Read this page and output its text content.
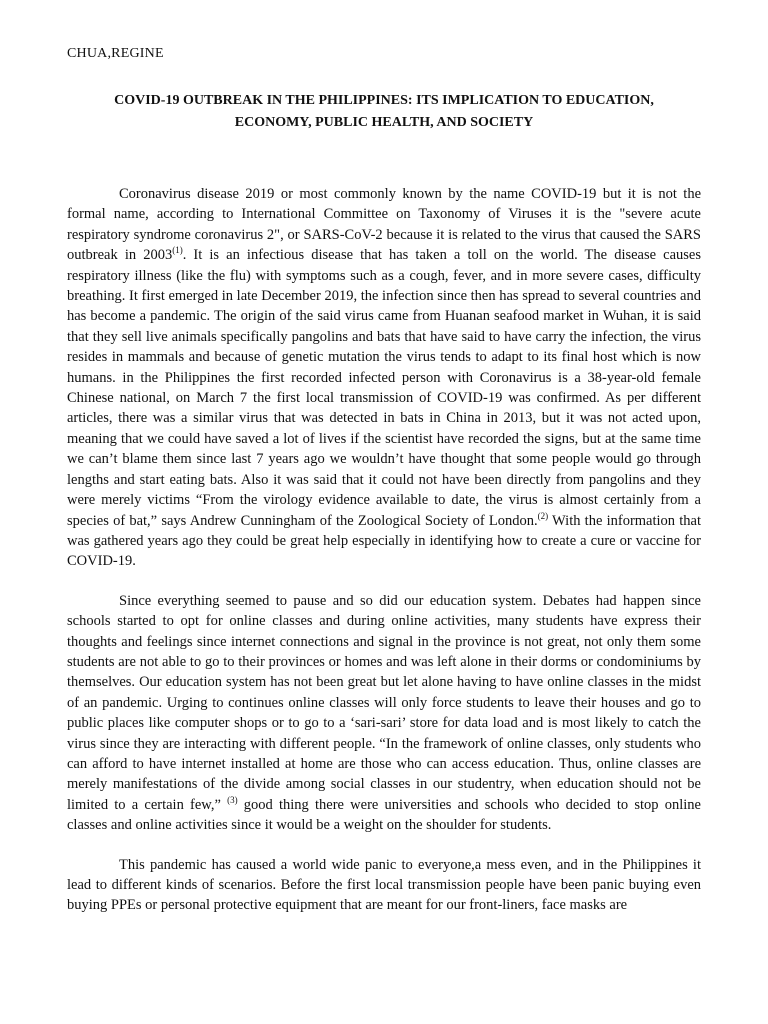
CHUA,REGINE
COVID-19 OUTBREAK IN THE PHILIPPINES: ITS IMPLICATION TO EDUCATION, ECONOMY, PUBLIC HEALTH, AND SOCIETY

Coronavirus disease 2019 or most commonly known by the name COVID-19 but it is not the formal name, according to International Committee on Taxonomy of Viruses it is the "severe acute respiratory syndrome coronavirus 2", or SARS-CoV-2 because it is related to the virus that caused the SARS outbreak in 2003$^{(1)}$. It is an infectious disease that has taken a toll on the world. The disease causes respiratory illness (like the flu) with symptoms such as a cough, fever, and in more severe cases, difficulty breathing. It first emerged in late December 2019, the infection since then has spread to several countries and has become a pandemic. The origin of the said virus came from Huanan seafood market in Wuhan, it is said that they sell live animals specifically pangolins and bats that have said to have carry the infection, the virus resides in mammals and because of genetic mutation the virus tends to adapt to its final host which is now humans. in the Philippines the first recorded infected person with Coronavirus is a 38-year-old female Chinese national, on March 7 the first local transmission of COVID-19 was confirmed. As per different articles, there was a similar virus that was detected in bats in China in 2013, but it was not acted upon, meaning that we could have saved a lot of lives if the scientist have recorded the signs, but at the same time we can’t blame them since last 7 years ago we wouldn’t have thought that some people would go through lengths and start eating bats. Also it was said that it could not have been directly from pangolins and they were merely victims “From the virology evidence available to date, the virus is almost certainly from a species of bat,” says Andrew Cunningham of the Zoological Society of London.$^{(2)}$ With the information that was gathered years ago they could be great help especially in identifying how to create a cure or vaccine for COVID-19.

Since everything seemed to pause and so did our education system. Debates had happen since schools started to opt for online classes and during online activities, many students have express their thoughts and feelings since internet connections and signal in the province is not great, not only them some students are not able to go to their provinces or homes and was left alone in their dorms or condominiums by themselves. Our education system has not been great but let alone having to have online classes in the midst of an pandemic. Urging to continues online classes will only force students to leave their houses and go to public places like computer shops or to go to a ‘sari-sari’ store for data load and is most likely to catch the virus since they are interacting with different people. “In the framework of online classes, only students who can afford to have internet installed at home are those who can access education. Thus, online classes are merely manifestations of the divide among social classes in our studentry, when education should not be limited to a certain few,” $^{(3)}$ good thing there were universities and schools who decided to stop online classes and online activities since it would be a weight on the shoulder for students.

This pandemic has caused a world wide panic to everyone,a mess even, and in the Philippines it lead to different kinds of scenarios. Before the first local transmission people have been panic buying even buying PPEs or personal protective equipment that are meant for our front-liners, face masks are
